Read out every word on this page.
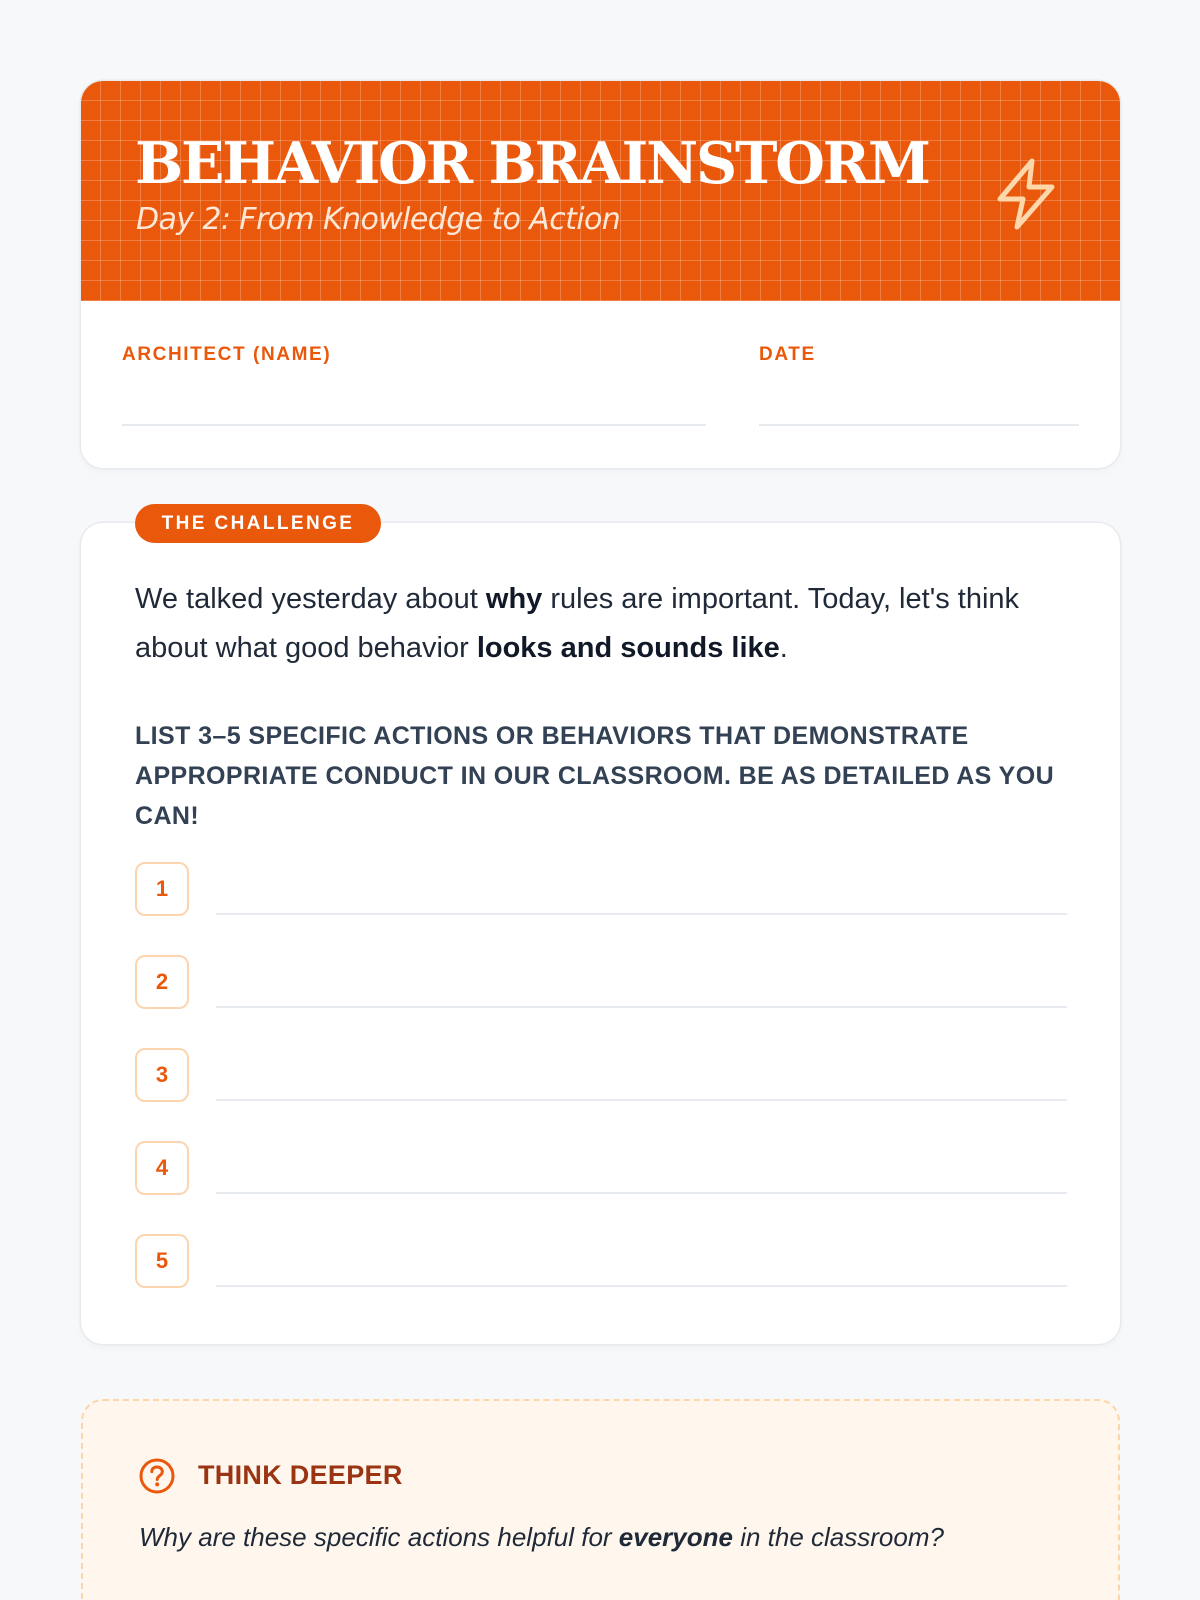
BEHAVIOR BRAINSTORM
Day 2: From Knowledge to Action
ARCHITECT (NAME)	DATE
THE CHALLENGE
We talked yesterday about why rules are important. Today, let's think about what good behavior looks and sounds like.
LIST 3–5 SPECIFIC ACTIONS OR BEHAVIORS THAT DEMONSTRATE APPROPRIATE CONDUCT IN OUR CLASSROOM. BE AS DETAILED AS YOU CAN!
1
2
3
4
5
THINK DEEPER
Why are these specific actions helpful for everyone in the classroom?
